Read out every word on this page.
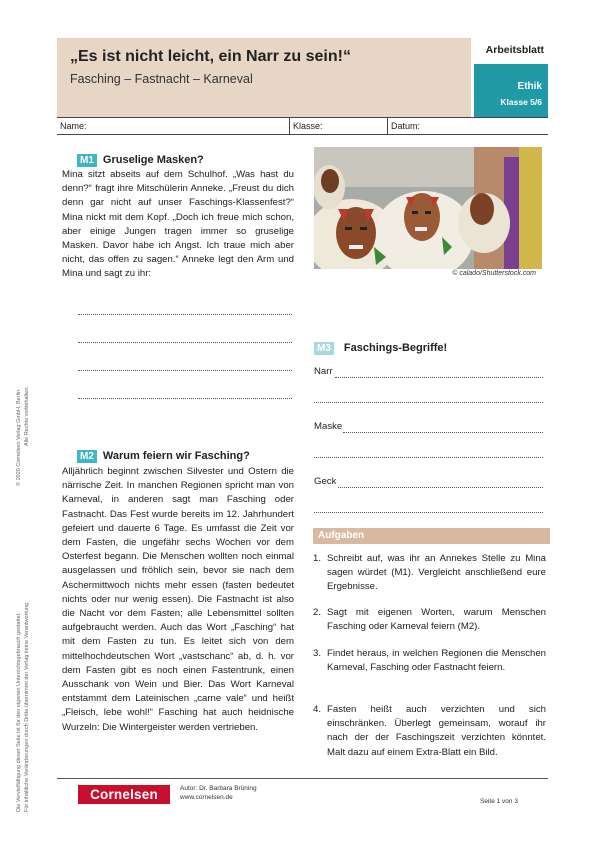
© 2020 Cornelsen Verlag GmbH, Berlin Alle Rechte vorbehalten.
Die Vervielfältigung dieser Seite ist für den eigenen Unterrichtsgebrauch gestattet. Für inhaltliche Veränderungen durch Dritte übernimmt der Verlag keine Verantwortung.
„Es ist nicht leicht, ein Narr zu sein!“
Fasching – Fastnacht – Karneval
Arbeitsblatt
Ethik
Klasse 5/6
Name:	Klasse:	Datum:
M1 Gruselige Masken?
Mina sitzt abseits auf dem Schulhof. „Was hast du denn?“ fragt ihre Mitschülerin Anneke. „Freust du dich denn gar nicht auf unser Faschings-Klassenfest?“ Mina nickt mit dem Kopf. „Doch ich freue mich schon, aber einige Jungen tragen immer so gruselige Masken. Davor habe ich Angst. Ich traue mich aber nicht, das offen zu sagen.“ Anneke legt den Arm und Mina und sagt zu ihr:
M2 Warum feiern wir Fasching?
Alljährlich beginnt zwischen Silvester und Ostern die närrische Zeit. In manchen Regionen spricht man von Karneval, in anderen sagt man Fasching oder Fastnacht. Das Fest wurde bereits im 12. Jahrhundert gefeiert und dauerte 6 Tage. Es umfasst die Zeit vor dem Fasten, die ungefähr sechs Wochen vor dem Osterfest begann. Die Menschen wollten noch einmal ausgelassen und fröhlich sein, bevor sie nach dem Aschermittwoch nichts mehr essen (fasten bedeutet nichts oder nur wenig essen). Die Fastnacht ist also die Nacht vor dem Fasten; alle Lebensmittel sollten aufgebraucht werden. Auch das Wort „Fasching“ hat mit dem Fasten zu tun. Es leitet sich von dem mittelhochdeutschen Wort „vastschanc“ ab, d. h. vor dem Fasten gibt es noch einen Fastentrunk, einen Ausschank von Wein und Bier. Das Wort Karneval entstammt dem Lateinischen „carne vale“ und heißt „Fleisch, lebe wohl!“ Fasching hat auch heidnische Wurzeln: Die Wintergeister werden vertrieben.
© calado/Shutterstock.com
M3 Faschings-Begriffe!
Narr
Maske
Geck
Aufgaben
1. Schreibt auf, was ihr an Annekes Stelle zu Mina sagen würdet (M1). Vergleicht anschließend eure Ergebnisse.
2. Sagt mit eigenen Worten, warum Menschen Fasching oder Karneval feiern (M2).
3. Findet heraus, in welchen Regionen die Menschen Karneval, Fasching oder Fastnacht feiern.
4. Fasten heißt auch verzichten und sich einschränken. Überlegt gemeinsam, worauf ihr nach der der Faschingszeit verzichten könntet. Malt dazu auf einem Extra-Blatt ein Bild.
Cornelsen	Autor: Dr. Barbara Brüning
www.cornelsen.de
Seite 1 von 3
